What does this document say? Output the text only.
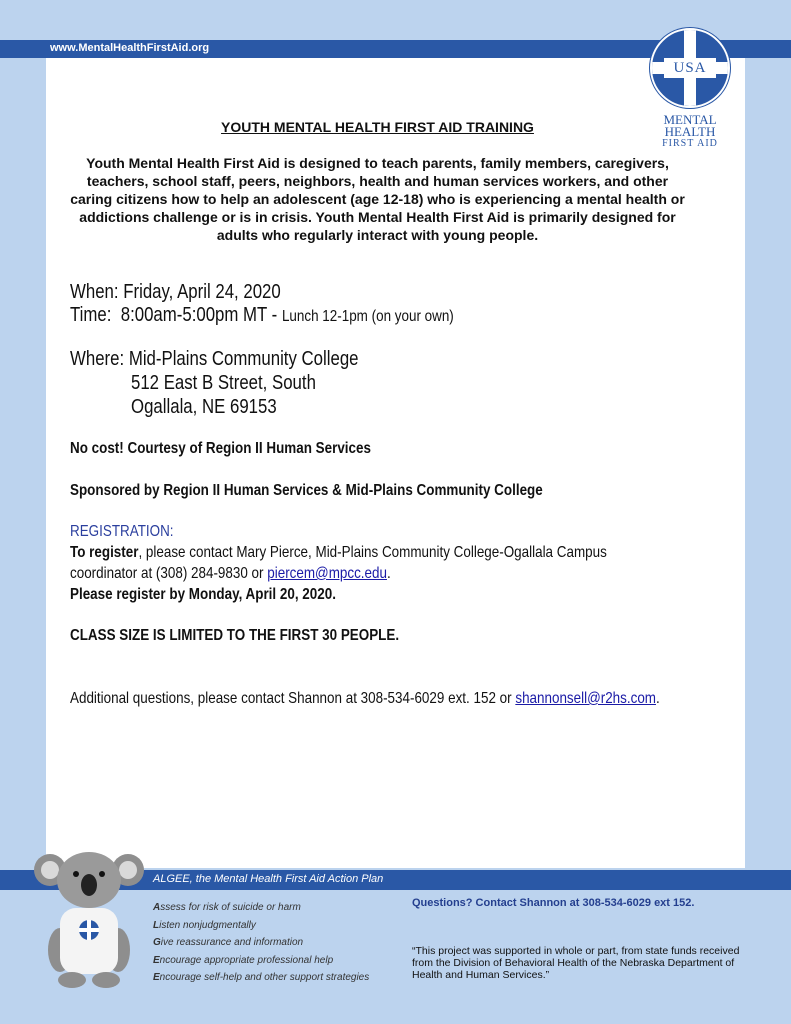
www.MentalHealthFirstAid.org
USA
MENTAL
HEALTH
FIRST AID
YOUTH MENTAL HEALTH FIRST AID TRAINING
Youth Mental Health First Aid is designed to teach parents, family members, caregivers, teachers, school staff, peers, neighbors, health and human services workers, and other caring citizens how to help an adolescent (age 12-18) who is experiencing a mental health or addictions challenge or is in crisis. Youth Mental Health First Aid is primarily designed for adults who regularly interact with young people.
When: Friday, April 24, 2020
Time: 8:00am-5:00pm MT - Lunch 12-1pm (on your own)
Where: Mid-Plains Community College
512 East B Street, South
Ogallala, NE 69153
No cost! Courtesy of Region II Human Services
Sponsored by Region II Human Services & Mid-Plains Community College
REGISTRATION:
To register, please contact Mary Pierce, Mid-Plains Community College-Ogallala Campus
coordinator at (308) 284-9830 or piercem@mpcc.edu.
Please register by Monday, April 20, 2020.
CLASS SIZE IS LIMITED TO THE FIRST 30 PEOPLE.
Additional questions, please contact Shannon at 308-534-6029 ext. 152 or shannonsell@r2hs.com.
ALGEE, the Mental Health First Aid Action Plan
Assess for risk of suicide or harm
Listen nonjudgmentally
Give reassurance and information
Encourage appropriate professional help
Encourage self-help and other support strategies
Questions? Contact Shannon at 308-534-6029 ext 152.
“This project was supported in whole or part, from state funds received from the Division of Behavioral Health of the Nebraska Department of Health and Human Services.”
